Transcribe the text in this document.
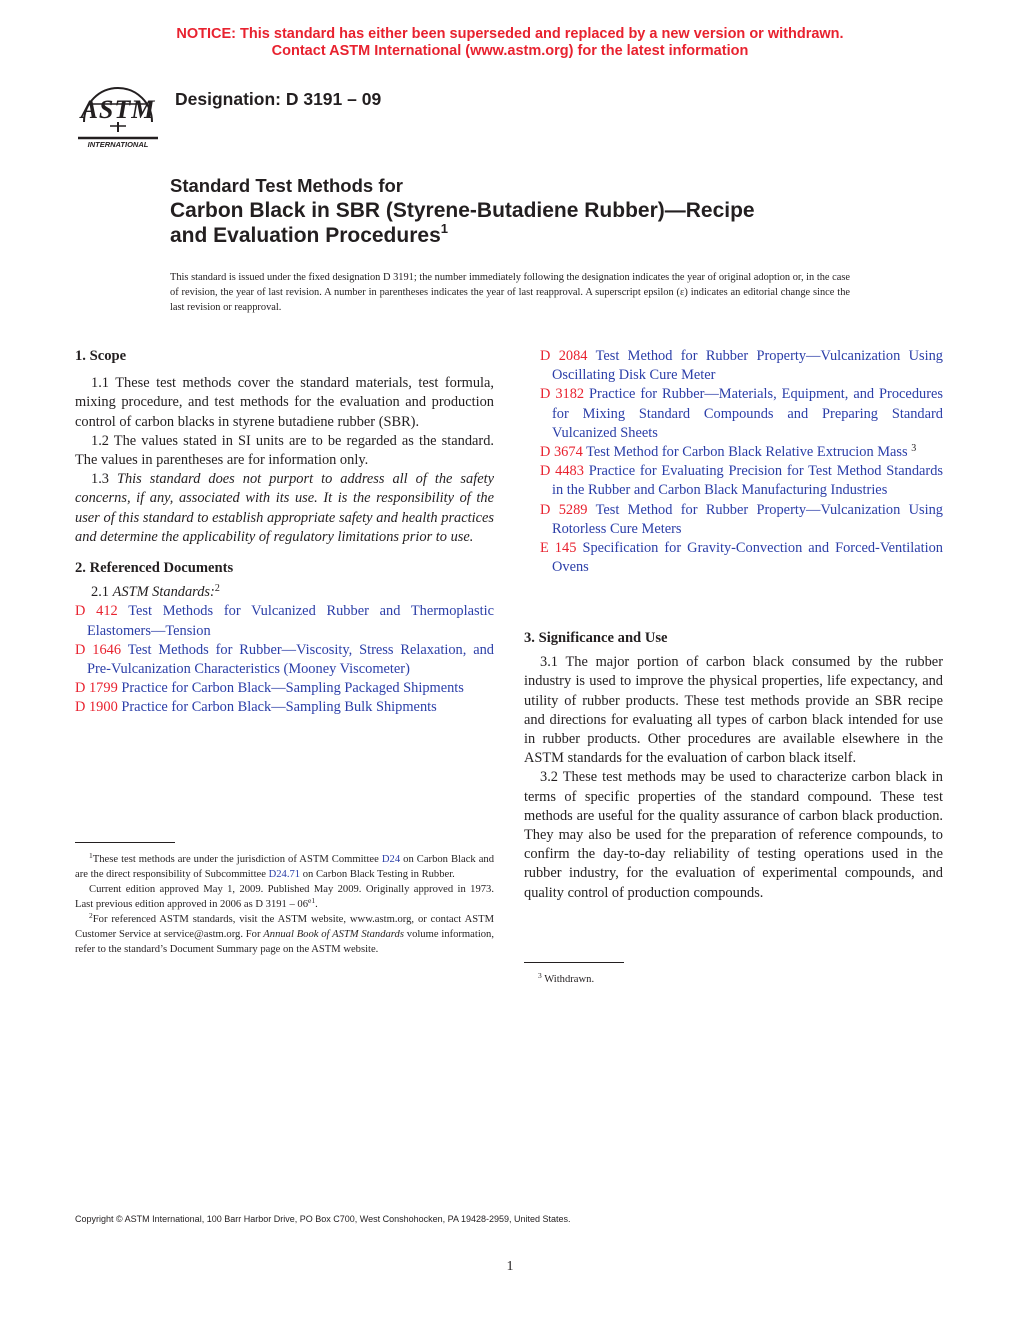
NOTICE: This standard has either been superseded and replaced by a new version or withdrawn.
Contact ASTM International (www.astm.org) for the latest information
ASTM
INTERNATIONAL
Designation: D 3191 – 09
Standard Test Methods for
Carbon Black in SBR (Styrene-Butadiene Rubber)—Recipe
and Evaluation Procedures$^1$
This standard is issued under the fixed designation D 3191; the number immediately following the designation indicates the year of original adoption or, in the case of revision, the year of last revision. A number in parentheses indicates the year of last reapproval. A superscript epsilon (ε) indicates an editorial change since the last revision or reapproval.

1. Scope

1.1 These test methods cover the standard materials, test formula, mixing procedure, and test methods for the evaluation and production control of carbon blacks in styrene butadiene rubber (SBR).

1.2 The values stated in SI units are to be regarded as the standard. The values in parentheses are for information only.

1.3 This standard does not purport to address all of the safety concerns, if any, associated with its use. It is the responsibility of the user of this standard to establish appropriate safety and health practices and determine the applicability of regulatory limitations prior to use.

2. Referenced Documents

2.1 ASTM Standards:$^2$

D 412 Test Methods for Vulcanized Rubber and Thermoplastic Elastomers—Tension

D 1646 Test Methods for Rubber—Viscosity, Stress Relaxation, and Pre-Vulcanization Characteristics (Mooney Viscometer)

D 1799 Practice for Carbon Black—Sampling Packaged Shipments

D 1900 Practice for Carbon Black—Sampling Bulk Shipments

$^1$These test methods are under the jurisdiction of ASTM Committee D24 on Carbon Black and are the direct responsibility of Subcommittee D24.71 on Carbon Black Testing in Rubber.

Current edition approved May 1, 2009. Published May 2009. Originally approved in 1973. Last previous edition approved in 2006 as D $3191 - 06^{e1}$.

$^2$For referenced ASTM standards, visit the ASTM website, www.astm.org, or contact ASTM Customer Service at service@astm.org. For Annual Book of ASTM Standards volume information, refer to the standard’s Document Summary page on the ASTM website.

D 2084 Test Method for Rubber Property—Vulcanization Using Oscillating Disk Cure Meter

D 3182 Practice for Rubber—Materials, Equipment, and Procedures for Mixing Standard Compounds and Preparing Standard Vulcanized Sheets

D 3674 Test Method for Carbon Black Relative Extrucion Mass $^3$

D 4483 Practice for Evaluating Precision for Test Method Standards in the Rubber and Carbon Black Manufacturing Industries

D 5289 Test Method for Rubber Property—Vulcanization Using Rotorless Cure Meters

E 145 Specification for Gravity-Convection and Forced-Ventilation Ovens

3. Significance and Use

3.1 The major portion of carbon black consumed by the rubber industry is used to improve the physical properties, life expectancy, and utility of rubber products. These test methods provide an SBR recipe and directions for evaluating all types of carbon black intended for use in rubber products. Other procedures are available elsewhere in the ASTM standards for the evaluation of carbon black itself.

3.2 These test methods may be used to characterize carbon black in terms of specific properties of the standard compound. These test methods are useful for the quality assurance of carbon black production. They may also be used for the preparation of reference compounds, to confirm the day-to-day reliability of testing operations used in the rubber industry, for the evaluation of experimental compounds, and quality control of production compounds.

$^3$ Withdrawn.

Copyright © ASTM International, 100 Barr Harbor Drive, PO Box C700, West Conshohocken, PA 19428-2959, United States.
1
